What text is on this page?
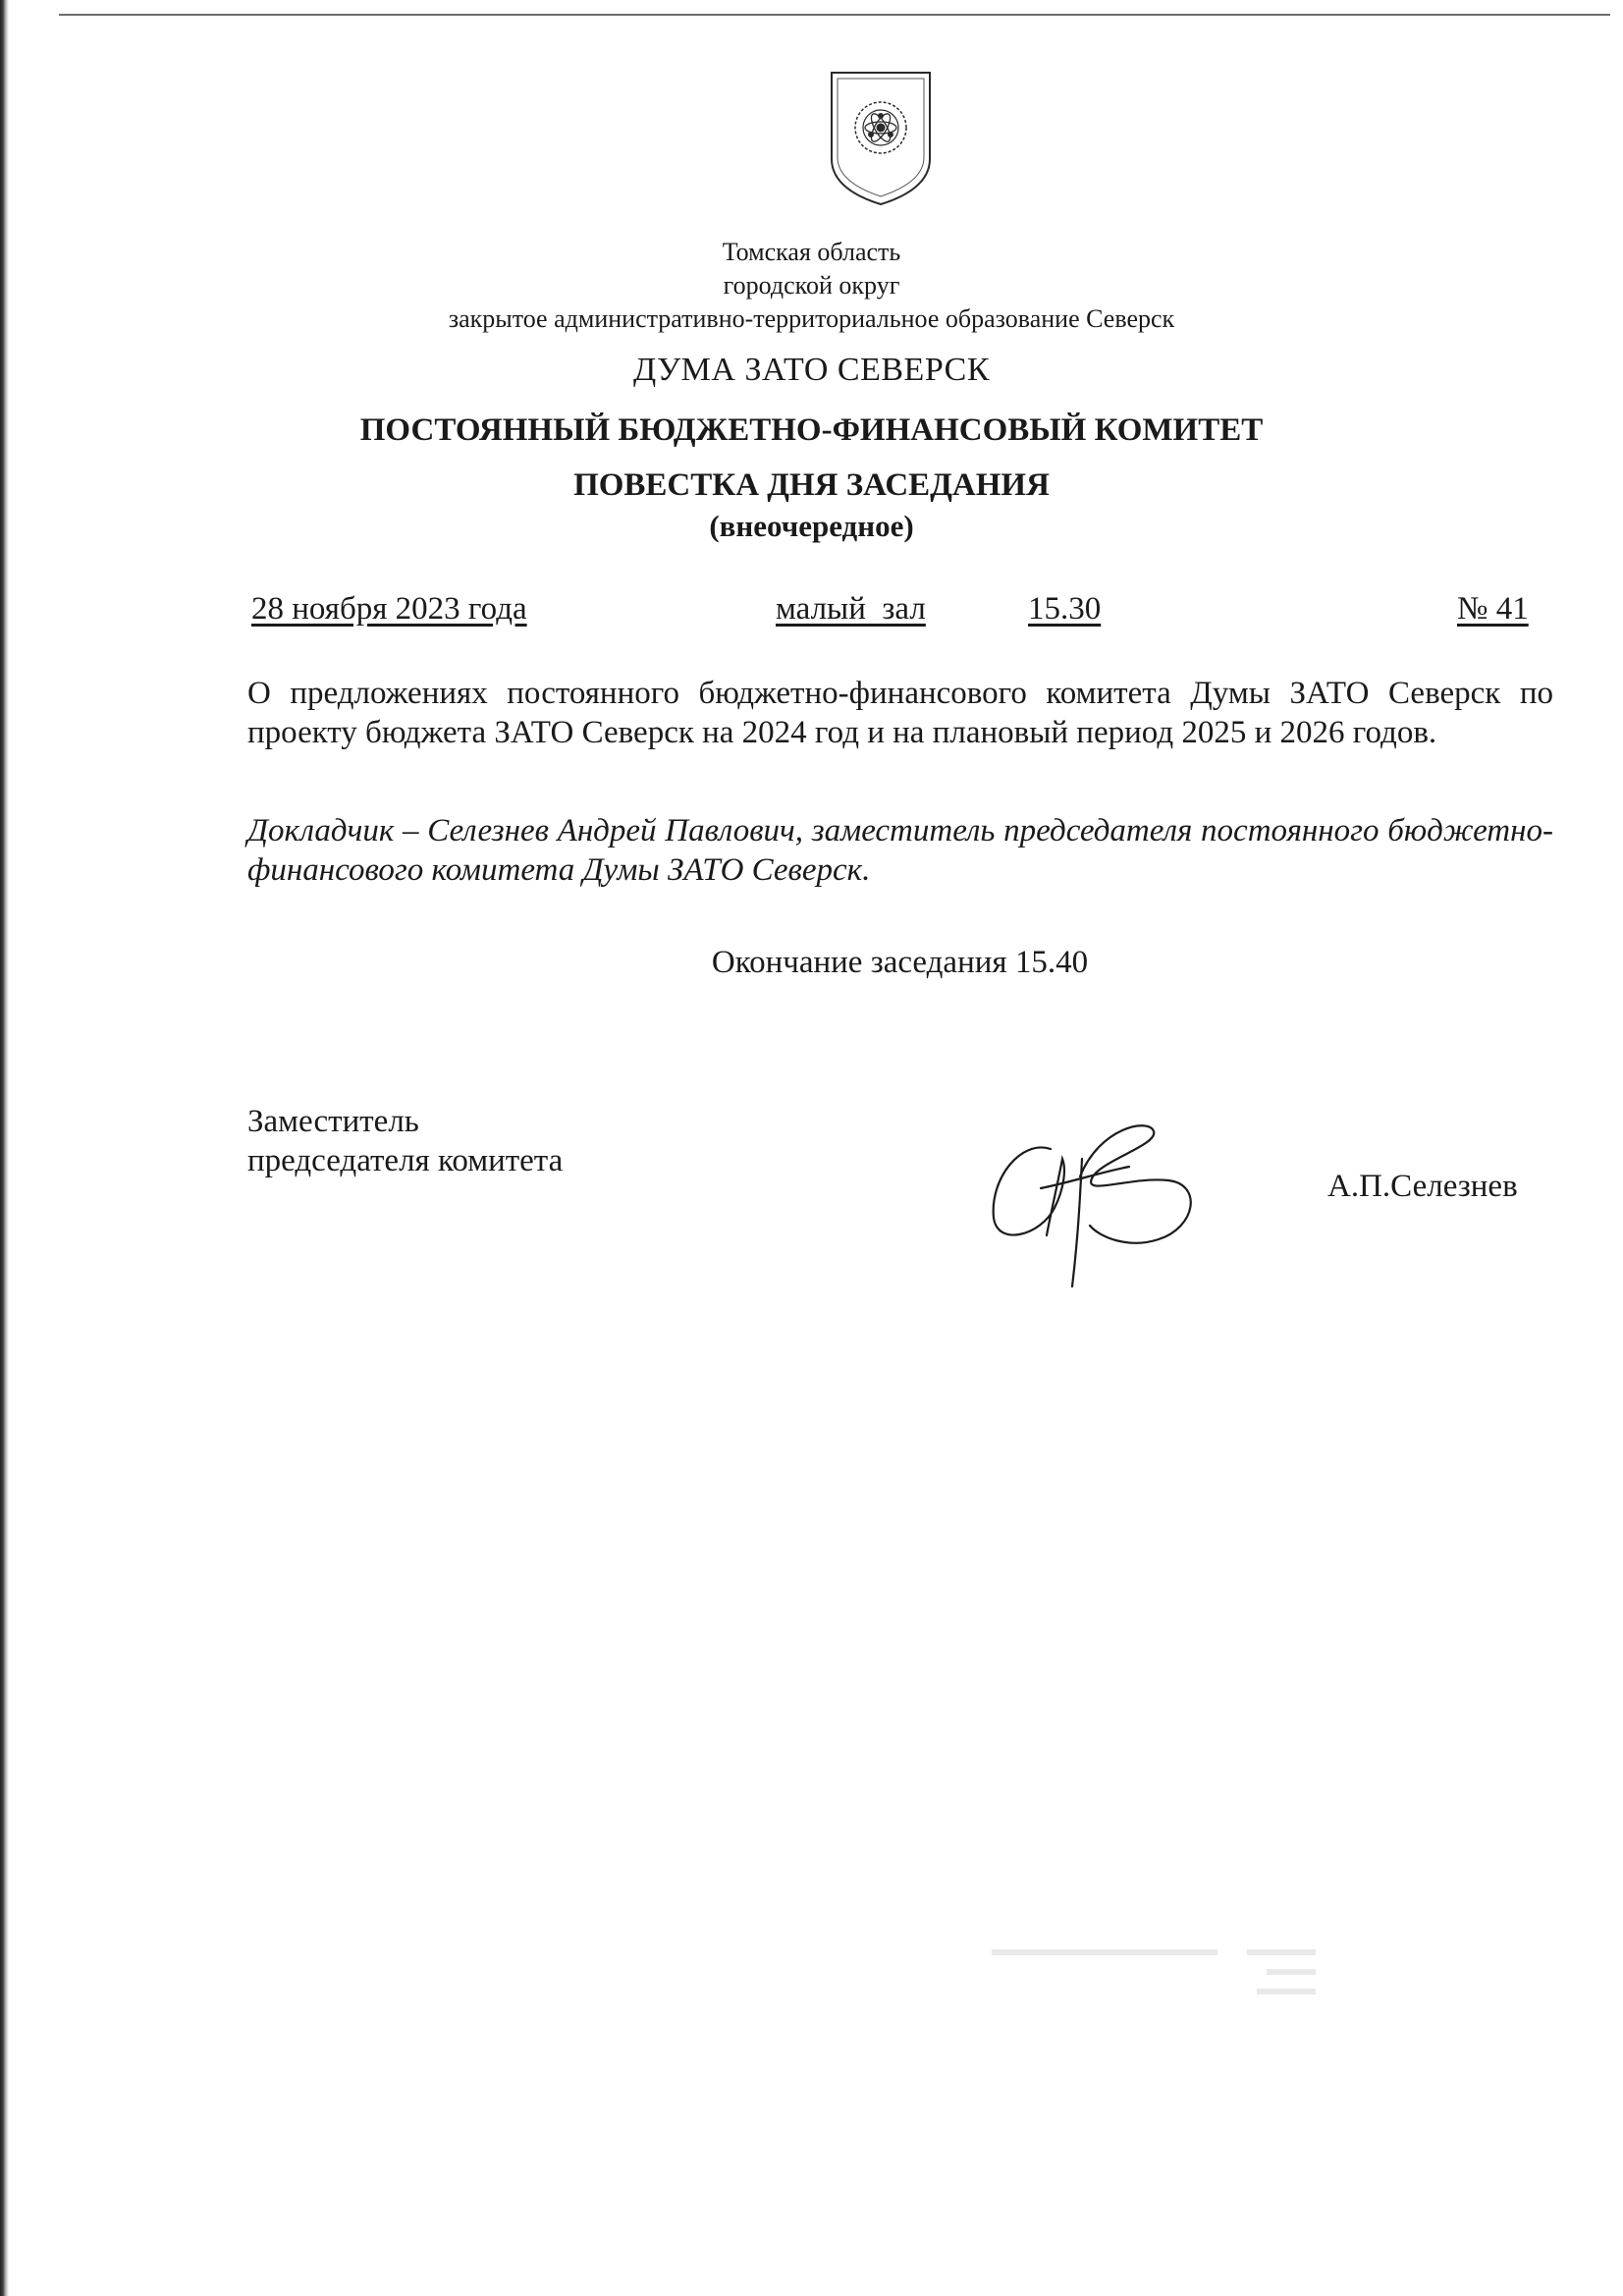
Томская область
городской округ
закрытое административно-территориальное образование Северск
ДУМА ЗАТО СЕВЕРСК
ПОСТОЯННЫЙ БЮДЖЕТНО-ФИНАНСОВЫЙ КОМИТЕТ
ПОВЕСТКА ДНЯ ЗАСЕДАНИЯ
(внеочередное)
28 ноября 2023 года	малый  зал	15.30	№ 41
О предложениях постоянного бюджетно-финансового комитета Думы ЗАТО Северск по проекту бюджета ЗАТО Северск на 2024 год и на плановый период 2025 и 2026 годов.
Докладчик – Селезнев Андрей Павлович, заместитель председателя постоянного бюджетно-финансового комитета Думы ЗАТО Северск.
Окончание заседания 15.40
Заместитель
председателя комитета
А.П.Селезнев
